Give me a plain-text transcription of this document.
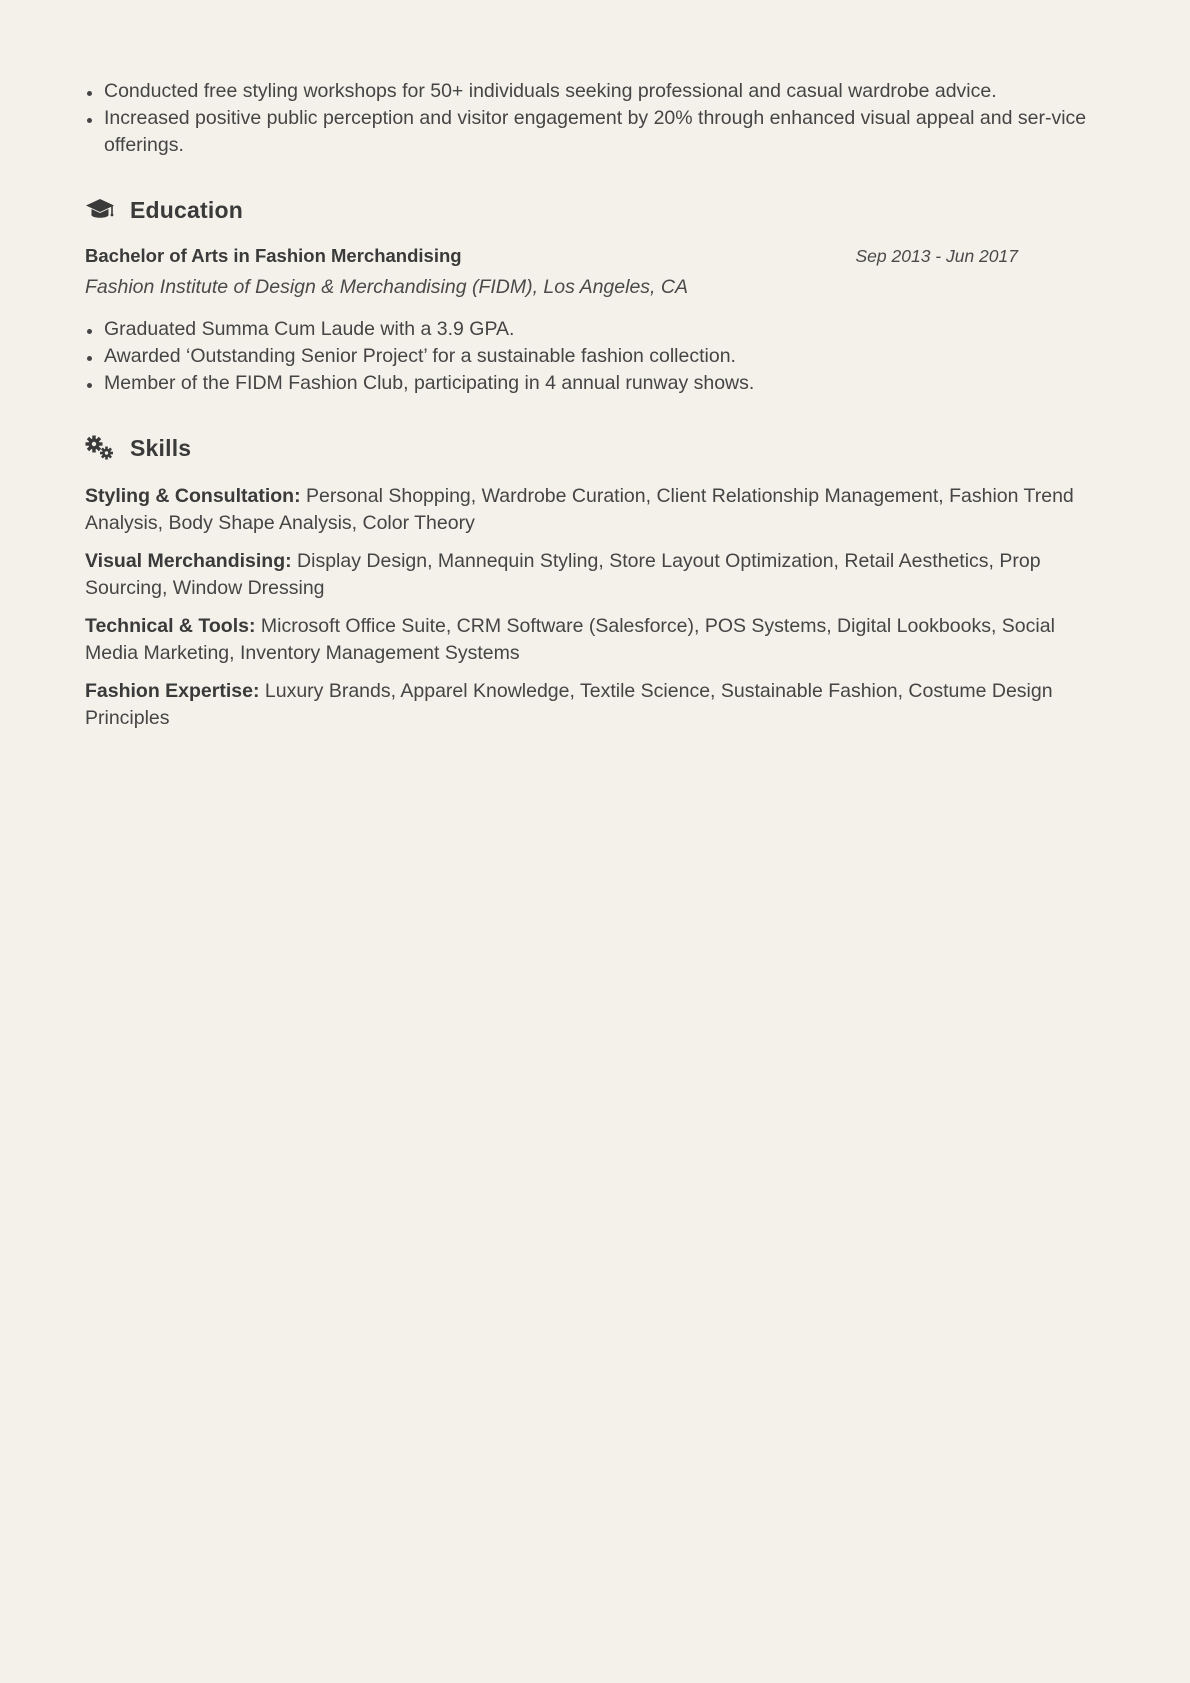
Conducted free styling workshops for 50+ individuals seeking professional and casual wardrobe advice.
Increased positive public perception and visitor engagement by 20% through enhanced visual appeal and ser-vice offerings.
Education
Bachelor of Arts in Fashion Merchandising	Sep 2013 - Jun 2017
Fashion Institute of Design & Merchandising (FIDM), Los Angeles, CA
Graduated Summa Cum Laude with a 3.9 GPA.
Awarded ‘Outstanding Senior Project’ for a sustainable fashion collection.
Member of the FIDM Fashion Club, participating in 4 annual runway shows.
Skills
Styling & Consultation: Personal Shopping, Wardrobe Curation, Client Relationship Management, Fashion Trend Analysis, Body Shape Analysis, Color Theory
Visual Merchandising: Display Design, Mannequin Styling, Store Layout Optimization, Retail Aesthetics, Prop Sourcing, Window Dressing
Technical & Tools: Microsoft Office Suite, CRM Software (Salesforce), POS Systems, Digital Lookbooks, Social Media Marketing, Inventory Management Systems
Fashion Expertise: Luxury Brands, Apparel Knowledge, Textile Science, Sustainable Fashion, Costume Design Principles
